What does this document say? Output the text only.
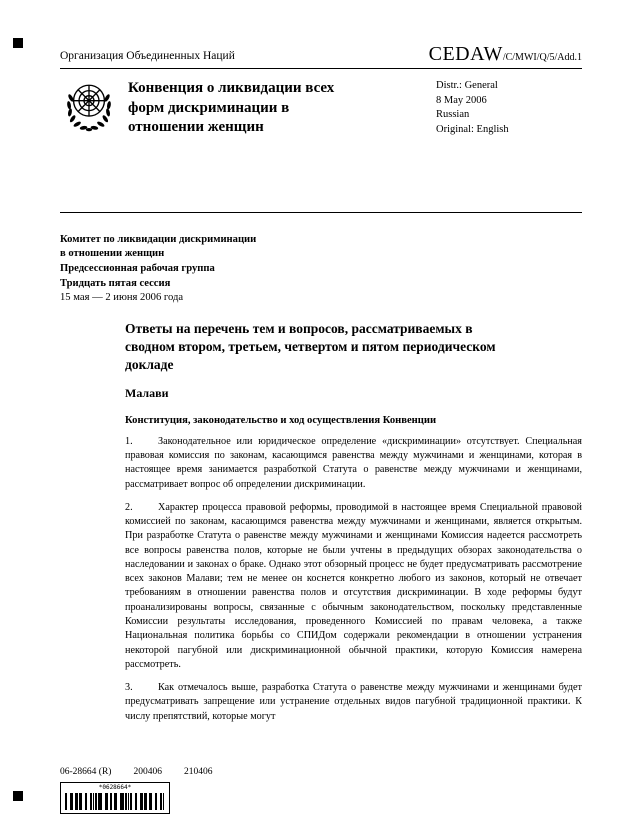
Организация Объединенных Наций	CEDAW/C/MWI/Q/5/Add.1
Конвенция о ликвидации всех форм дискриминации в отношении женщин
Distr.: General
8 May 2006
Russian
Original: English
Комитет по ликвидации дискриминации
в отношении женщин
Предсессионная рабочая группа
Тридцать пятая сессия
15 мая — 2 июня 2006 года
Ответы на перечень тем и вопросов, рассматриваемых в сводном втором, третьем, четвертом и пятом периодическом докладе
Малави
Конституция, законодательство и ход осуществления Конвенции

1. Законодательное или юридическое определение «дискриминации» отсутствует. Специальная правовая комиссия по законам, касающимся равенства между мужчинами и женщинами, которая в настоящее время занимается разработкой Статута о равенстве между мужчинами и женщинами, рассматривает вопрос об определении дискриминации.

2. Характер процесса правовой реформы, проводимой в настоящее время Специальной правовой комиссией по законам, касающимся равенства между мужчинами и женщинами, является открытым. При разработке Статута о равенстве между мужчинами и женщинами Комиссия надеется рассмотреть все вопросы равенства полов, которые не были учтены в предыдущих обзорах законодательства о наследовании и законах о браке. Однако этот обзорный процесс не будет предусматривать рассмотрение всех законов Малави; тем не менее он коснется конкретно любого из законов, который не отвечает требованиям в отношении равенства полов и отсутствия дискриминации. В ходе реформы будут проанализированы вопросы, связанные с обычным законодательством, поскольку представленные Комиссии результаты исследования, проведенного Комиссией по правам человека, а также Национальная политика борьбы со СПИДом содержали рекомендации в отношении устранения некоторой пагубной или дискриминационной обычной практики, которую Комиссия намерена рассмотреть.

3. Как отмечалось выше, разработка Статута о равенстве между мужчинами и женщинами будет предусматривать запрещение или устранение отдельных видов пагубной традиционной практики. К числу препятствий, которые могут

06-28664 (R) 200406 210406
*0628664*
